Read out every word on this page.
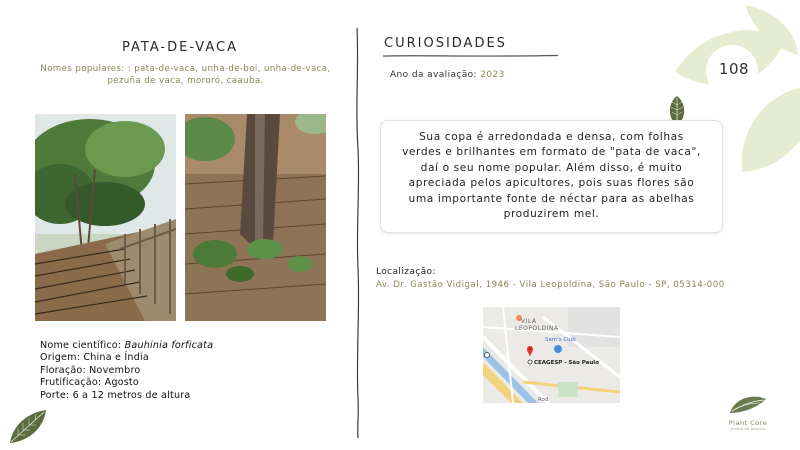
108
PATA-DE-VACA
Nomes populares: : pata-de-vaca, unha-de-boi, unha-de-vaca, pezuña de vaca, mororó, caauba.
Nome científico: Bauhinia forficata
Origem: China e Índia
Floração: Novembro
Frutificação: Agosto
Porte: 6 a 12 metros de altura
CURIOSIDADES
Ano da avaliação: 2023
Sua copa é arredondada e densa, com folhas verdes e brilhantes em formato de "pata de vaca", daí o seu nome popular. Além disso, é muito apreciada pelos apicultores, pois suas flores são uma importante fonte de néctar para as abelhas produzirem mel.
Localização:
Av. Dr. Gastão Vidigal, 1946 - Vila Leopoldina, São Paulo - SP, 05314-000
VILA
LEOPOLDINA
Sam's Club
CEAGESP - São Paulo
Rod
Plant Core
jardim de plantas
